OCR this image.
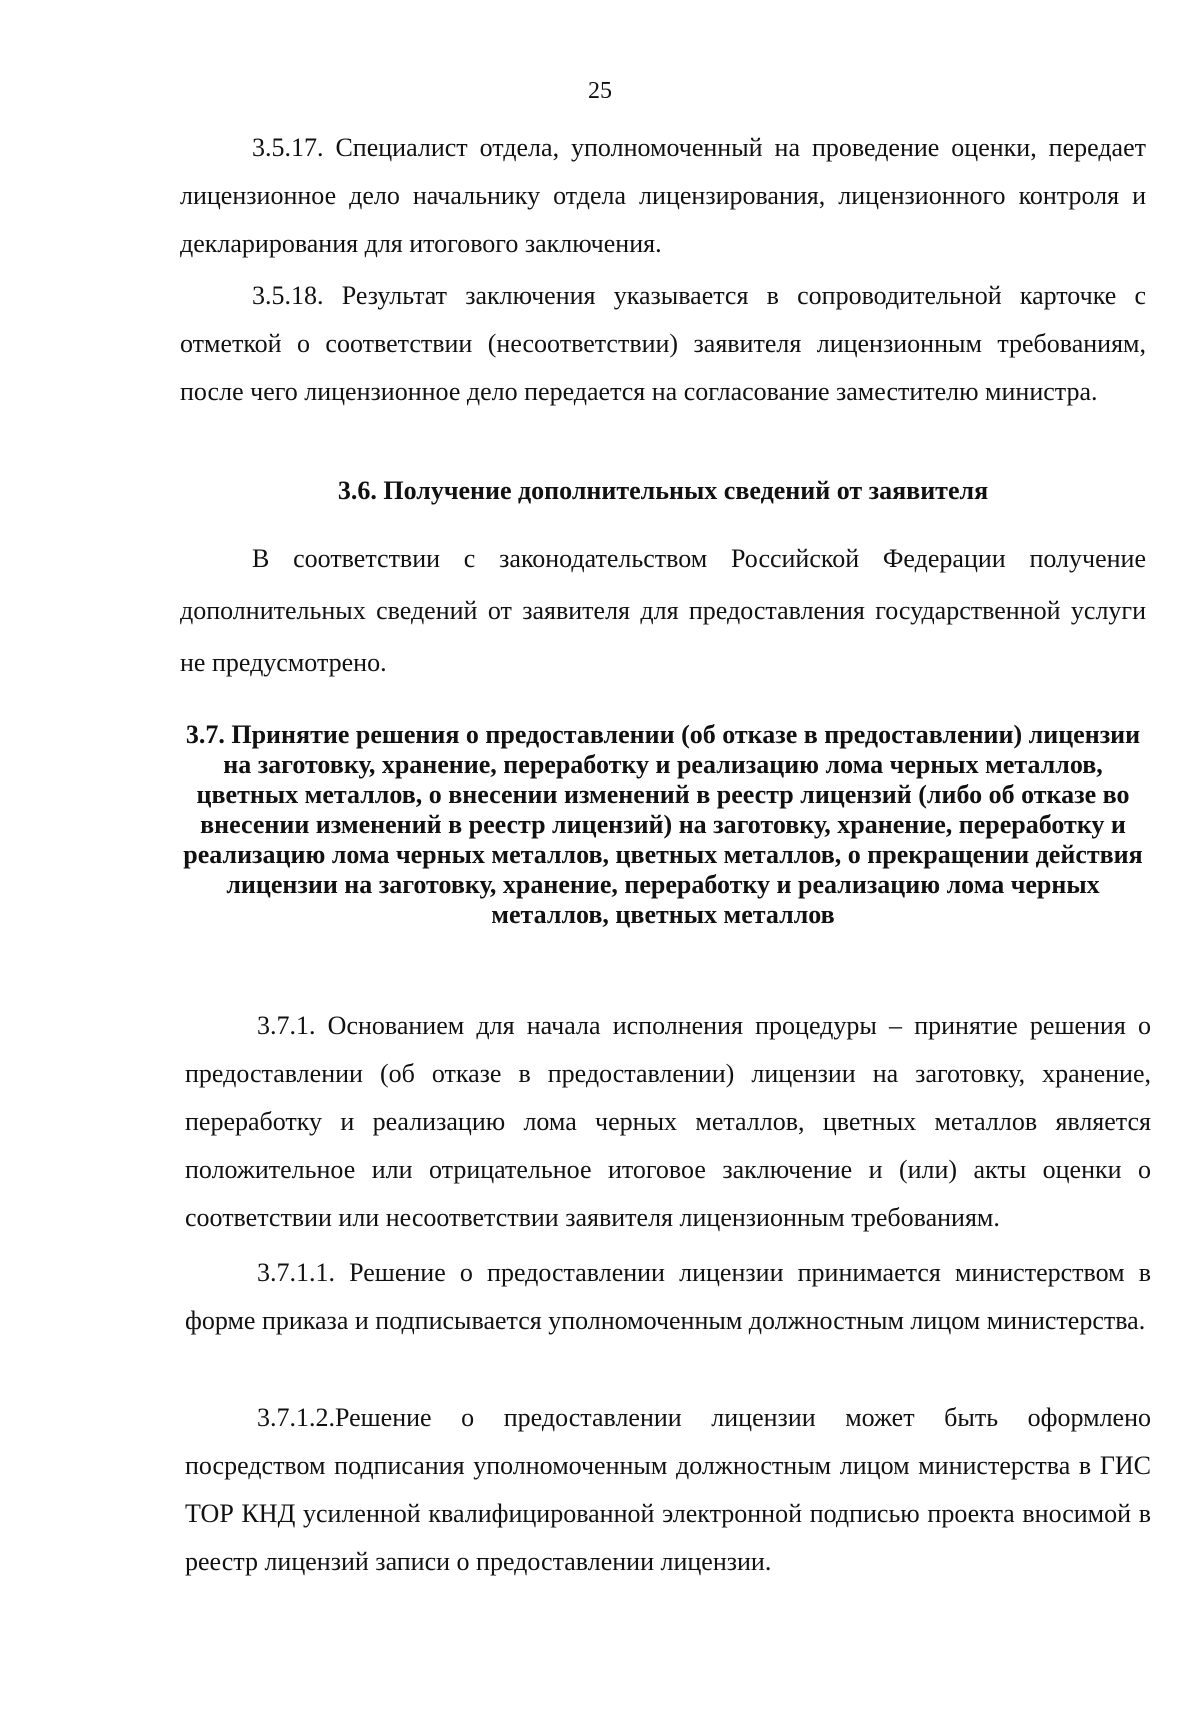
25

3.5.17. Специалист отдела, уполномоченный на проведение оценки, передает лицензионное дело начальнику отдела лицензирования, лицензионного контроля и декларирования для итогового заключения.

3.5.18. Результат заключения указывается в сопроводительной карточке с отметкой о соответствии (несоответствии) заявителя лицензионным требованиям, после чего лицензионное дело передается на согласование заместителю министра.

3.6. Получение дополнительных сведений от заявителя

В соответствии с законодательством Российской Федерации получение дополнительных сведений от заявителя для предоставления государственной услуги не предусмотрено.

3.7. Принятие решения о предоставлении (об отказе в предоставлении) лицензии на заготовку, хранение, переработку и реализацию лома черных металлов, цветных металлов, о внесении изменений в реестр лицензий (либо об отказе во внесении изменений в реестр лицензий) на заготовку, хранение, переработку и реализацию лома черных металлов, цветных металлов, о прекращении действия лицензии на заготовку, хранение, переработку и реализацию лома черных металлов, цветных металлов

3.7.1. Основанием для начала исполнения процедуры – принятие решения о предоставлении (об отказе в предоставлении) лицензии на заготовку, хранение, переработку и реализацию лома черных металлов, цветных металлов является положительное или отрицательное итоговое заключение и (или) акты оценки о соответствии или несоответствии заявителя лицензионным требованиям.

3.7.1.1. Решение о предоставлении лицензии принимается министерством в форме приказа и подписывается уполномоченным должностным лицом министерства.

3.7.1.2.Решение о предоставлении лицензии может быть оформлено посредством подписания уполномоченным должностным лицом министерства в ГИС ТОР КНД усиленной квалифицированной электронной подписью проекта вносимой в реестр лицензий записи о предоставлении лицензии.
